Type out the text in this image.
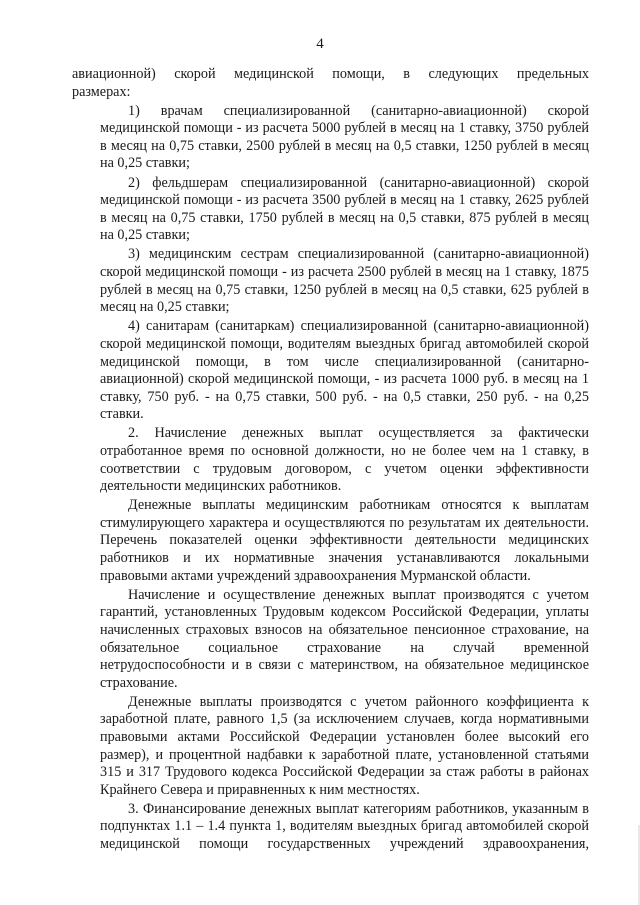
4
авиационной) скорой медицинской помощи, в следующих предельных
размерах:
1) врачам специализированной (санитарно-авиационной) скорой
медицинской помощи - из расчета 5000 рублей в месяц на 1 ставку, 3750 рублей
в месяц на 0,75 ставки, 2500 рублей в месяц на 0,5 ставки, 1250 рублей в месяц
на 0,25 ставки;
2) фельдшерам специализированной (санитарно-авиационной) скорой
медицинской помощи - из расчета 3500 рублей в месяц на 1 ставку, 2625 рублей
в месяц на 0,75 ставки, 1750 рублей в месяц на 0,5 ставки, 875 рублей в месяц
на 0,25 ставки;
3) медицинским сестрам специализированной (санитарно-авиационной)
скорой медицинской помощи - из расчета 2500 рублей в месяц на 1 ставку, 1875
рублей в месяц на 0,75 ставки, 1250 рублей в месяц на 0,5 ставки, 625 рублей в
месяц на 0,25 ставки;
4) санитарам (санитаркам) специализированной (санитарно-авиационной)
скорой медицинской помощи, водителям выездных бригад автомобилей скорой
медицинской помощи, в том числе специализированной (санитарно-
авиационной) скорой медицинской помощи, - из расчета 1000 руб. в месяц на 1
ставку, 750 руб. - на 0,75 ставки, 500 руб. - на 0,5 ставки, 250 руб. - на 0,25
ставки.
2. Начисление денежных выплат осуществляется за фактически
отработанное время по основной должности, но не более чем на 1 ставку, в
соответствии с трудовым договором, с учетом оценки эффективности
деятельности медицинских работников.
Денежные выплаты медицинским работникам относятся к выплатам
стимулирующего характера и осуществляются по результатам их деятельности.
Перечень показателей оценки эффективности деятельности медицинских
работников и их нормативные значения устанавливаются локальными
правовыми актами учреждений здравоохранения Мурманской области.
Начисление и осуществление денежных выплат производятся с учетом
гарантий, установленных Трудовым кодексом Российской Федерации, уплаты
начисленных страховых взносов на обязательное пенсионное страхование, на
обязательное социальное страхование на случай временной
нетрудоспособности и в связи с материнством, на обязательное медицинское
страхование.
Денежные выплаты производятся с учетом районного коэффициента к
заработной плате, равного 1,5 (за исключением случаев, когда нормативными
правовыми актами Российской Федерации установлен более высокий его
размер), и процентной надбавки к заработной плате, установленной статьями
315 и 317 Трудового кодекса Российской Федерации за стаж работы в районах
Крайнего Севера и приравненных к ним местностях.
3. Финансирование денежных выплат категориям работников, указанным в
подпунктах 1.1 – 1.4 пункта 1, водителям выездных бригад автомобилей скорой
медицинской помощи государственных учреждений здравоохранения,
